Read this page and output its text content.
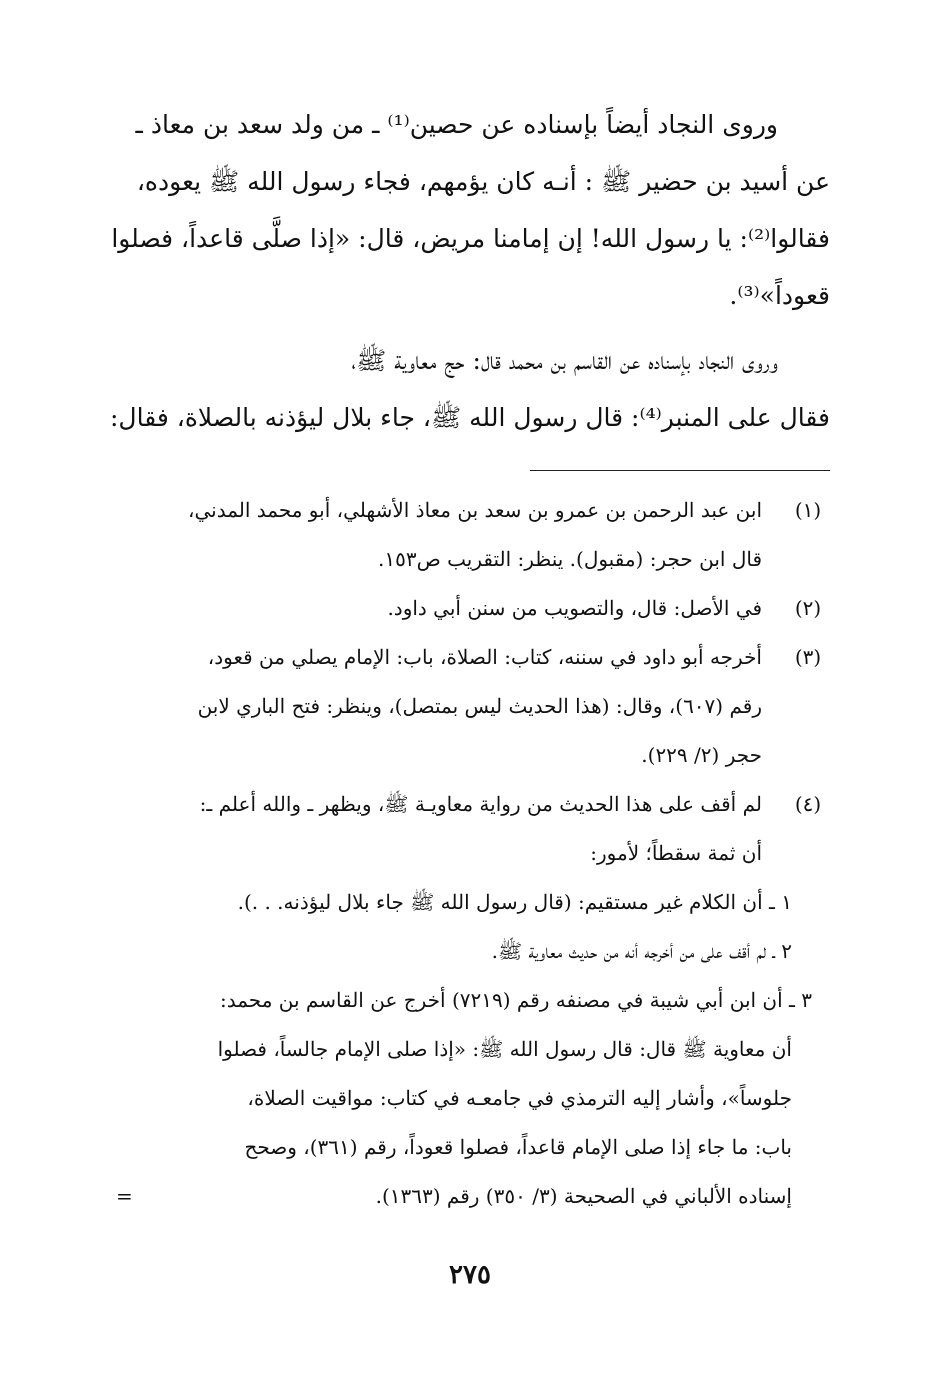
وروى النجاد أيضاً بإسناده عن حصين⁽¹⁾ ـ من ولد سعد بن معاذ ـ
عن أسيد بن حضير ﷺ : أنـه كان يؤمهم، فجاء رسول الله ﷺ يعوده،
فقالوا⁽²⁾: يا رسول الله! إن إمامنا مريض، قال: «إذا صلَّى قاعداً، فصلوا
قعوداً»⁽³⁾.

وروى النجاد بإسناده عن القاسم بن محمد قال: حج معاوية ﷺ،
فقال على المنبر⁽⁴⁾: قال رسول الله ﷺ، جاء بلال ليؤذنه بالصلاة، فقال:

(١)
ابن عبد الرحمن بن عمرو بن سعد بن معاذ الأشهلي، أبو محمد المدني،
قال ابن حجر: (مقبول). ينظر: التقريب ص١٥٣.
(٢)
في الأصل: قال، والتصويب من سنن أبي داود.
(٣)
أخرجه أبو داود في سننه، كتاب: الصلاة، باب: الإمام يصلي من قعود،
رقم (٦٠٧)، وقال: (هذا الحديث ليس بمتصل)، وينظر: فتح الباري لابن
حجر (٢/ ٢٢٩).
(٤)
لم أقف على هذا الحديث من رواية معاويـة ﷺ، ويظهر ـ والله أعلم ـ:
أن ثمة سقطاً؛ لأمور:
١ ـ أن الكلام غير مستقيم: (قال رسول الله ﷺ جاء بلال ليؤذنه. . .).
٢ ـ لم أقف على من أخرجه أنه من حديث معاوية ﷺ.
٣ ـ أن ابن أبي شيبة في مصنفه رقم (٧٢١٩) أخرج عن القاسم بن محمد:
أن معاوية ﷺ قال: قال رسول الله ﷺ: «إذا صلى الإمام جالساً، فصلوا
جلوساً»، وأشار إليه الترمذي في جامعـه في كتاب: مواقيت الصلاة،
باب: ما جاء إذا صلى الإمام قاعداً، فصلوا قعوداً، رقم (٣٦١)، وصحح
إسناده الألباني في الصحيحة (٣/ ٣٥٠) رقم (١٣٦٣).
=
٢٧٥
